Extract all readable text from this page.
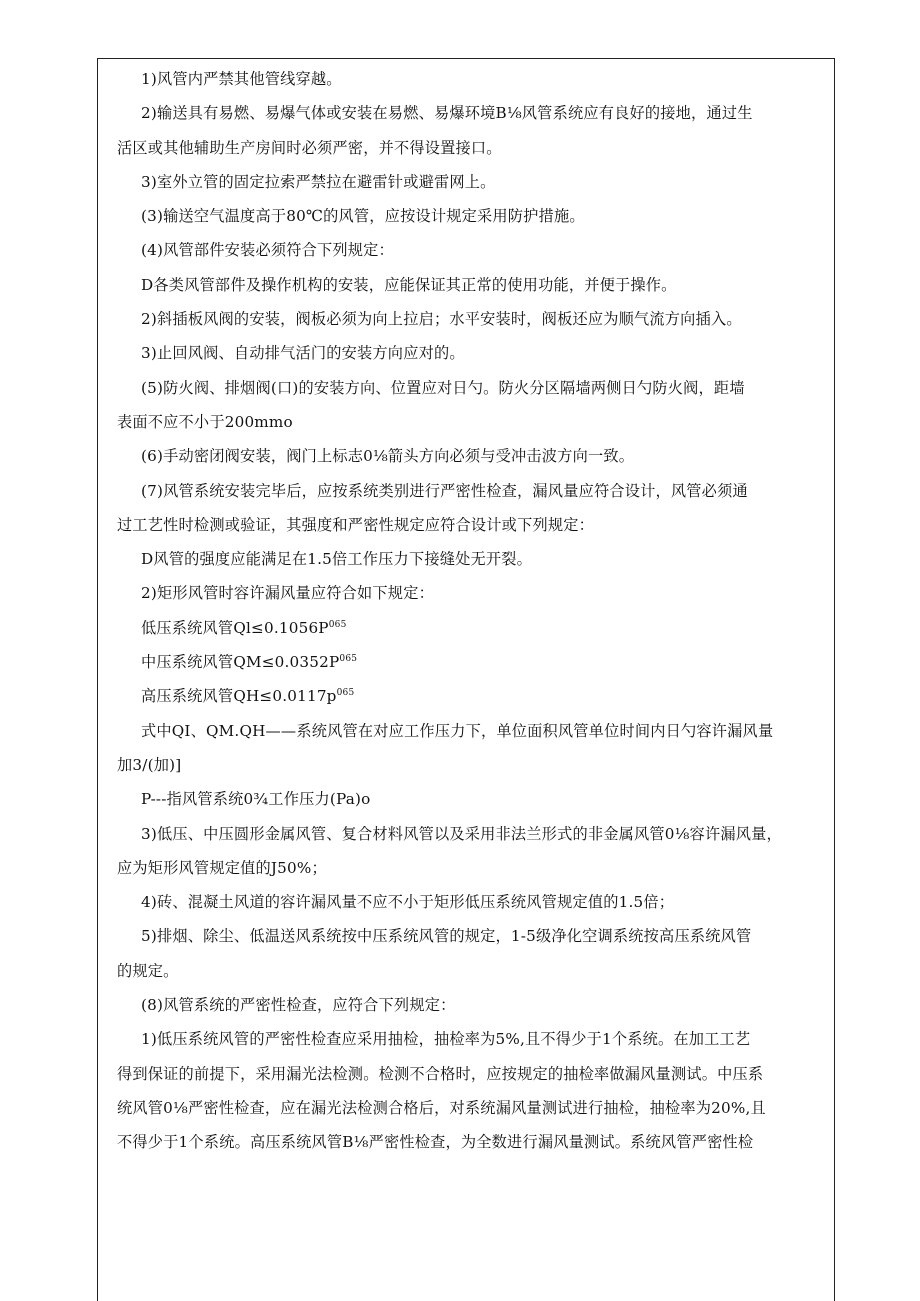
1)风管内严禁其他管线穿越。

2)输送具有易燃、易爆气体或安装在易燃、易爆环境B⅛风管系统应有良好的接地，通过生

活区或其他辅助生产房间时必须严密，并不得设置接口。

3)室外立管的固定拉索严禁拉在避雷针或避雷网上。

(3)输送空气温度高于80℃的风管，应按设计规定采用防护措施。

(4)风管部件安装必须符合下列规定：

D各类风管部件及操作机构的安装，应能保证其正常的使用功能，并便于操作。

2)斜插板风阀的安装，阀板必须为向上拉启；水平安装时，阀板还应为顺气流方向插入。

3)止回风阀、自动排气活门的安装方向应对的。

(5)防火阀、排烟阀(口)的安装方向、位置应对日勺。防火分区隔墙两侧日勺防火阀，距墙

表面不应不小于200mmo

(6)手动密闭阀安装，阀门上标志0⅛箭头方向必须与受冲击波方向一致。

(7)风管系统安装完毕后，应按系统类别进行严密性检查，漏风量应符合设计，风管必须通

过工艺性时检测或验证，其强度和严密性规定应符合设计或下列规定：

D风管的强度应能满足在1.5倍工作压力下接缝处无开裂。

2)矩形风管时容许漏风量应符合如下规定：

低压系统风管$Ql\le 0.1056P^{065}$

中压系统风管$QM\le 0.0352P^{065}$

高压系统风管$QH\le 0.0117p^{065}$

式中QI、QM.QH——系统风管在对应工作压力下，单位面积风管单位时间内日勺容许漏风量

加3/(加)]

P---指风管系统0¾工作压力(Pa)o

3)低压、中压圆形金属风管、复合材料风管以及采用非法兰形式的非金属风管0⅛容许漏风量，

应为矩形风管规定值的J50%；

4)砖、混凝土风道的容许漏风量不应不小于矩形低压系统风管规定值的1.5倍；

5)排烟、除尘、低温送风系统按中压系统风管的规定，1-5级净化空调系统按高压系统风管

的规定。

(8)风管系统的严密性检查，应符合下列规定：

1)低压系统风管的严密性检查应采用抽检，抽检率为5%,且不得少于1个系统。在加工工艺

得到保证的前提下，采用漏光法检测。检测不合格时，应按规定的抽检率做漏风量测试。中压系

统风管0⅛严密性检查，应在漏光法检测合格后，对系统漏风量测试进行抽检，抽检率为20%,且

不得少于1个系统。高压系统风管B⅛严密性检查，为全数进行漏风量测试。系统风管严密性检
